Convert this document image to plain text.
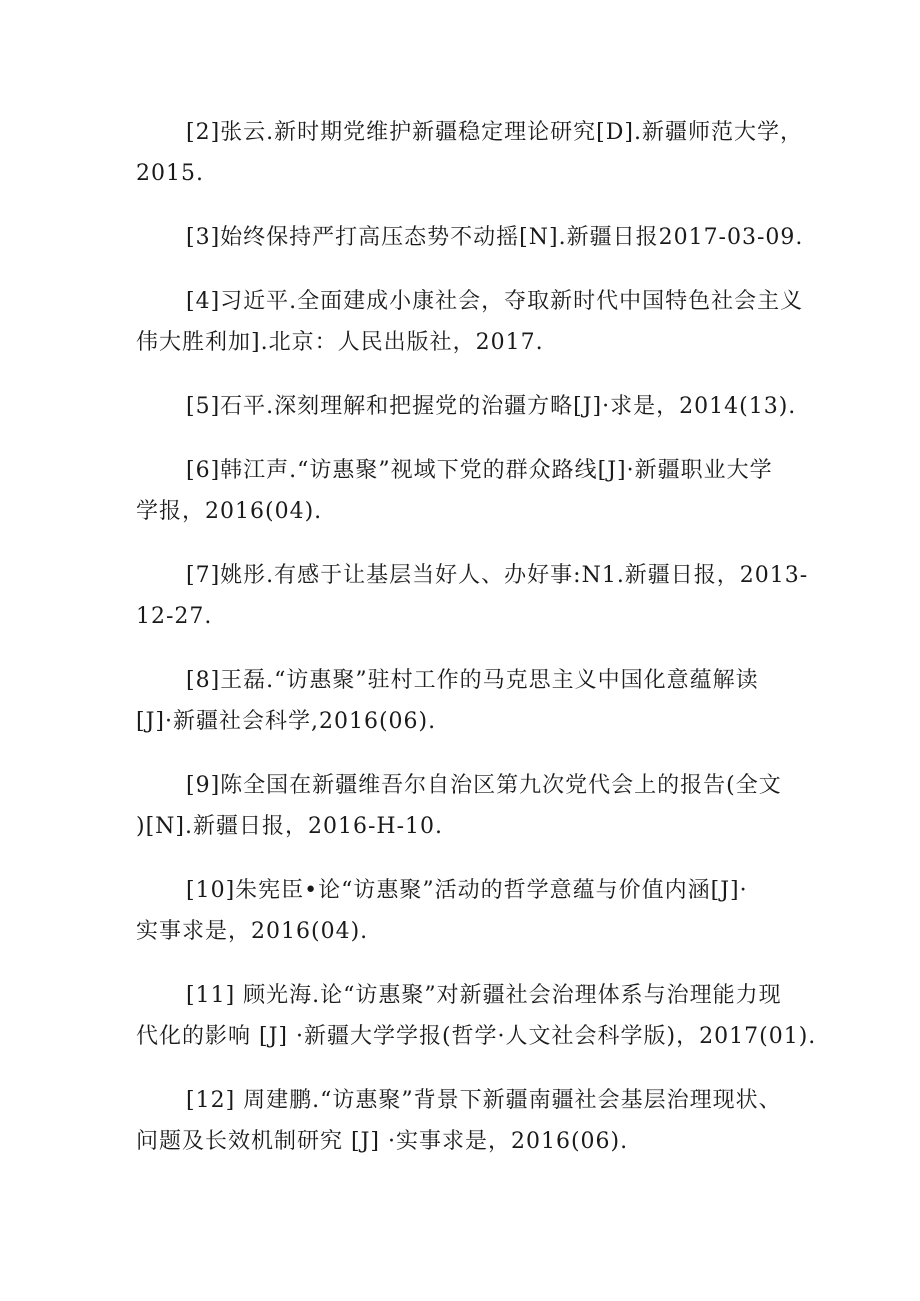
[2]张云.新时期党维护新疆稳定理论研究[D].新疆师范大学，
2015.
[3]始终保持严打高压态势不动摇[N].新疆日报2017-03-09.
[4]习近平.全面建成小康社会，夺取新时代中国特色社会主义
伟大胜利加].北京：人民出版社，2017.
[5]石平.深刻理解和把握党的治疆方略[J]·求是，2014(13).
[6]韩江声.“访惠聚”视域下党的群众路线[J]·新疆职业大学
学报，2016(04).
[7]姚彤.有感于让基层当好人、办好事:N1.新疆日报，2013-
12-27.
[8]王磊.“访惠聚”驻村工作的马克思主义中国化意蕴解读
[J]·新疆社会科学,2016(06).
[9]陈全国在新疆维吾尔自治区第九次党代会上的报告(全文
)[N].新疆日报，2016-H-10.
[10]朱宪臣•论“访惠聚”活动的哲学意蕴与价值内涵[J]·
实事求是，2016(04).
[11] 顾光海.论“访惠聚”对新疆社会治理体系与治理能力现
代化的影响 [J] ·新疆大学学报(哲学·人文社会科学版)，2017(01).
[12] 周建鹏.“访惠聚”背景下新疆南疆社会基层治理现状、
问题及长效机制研究 [J] ·实事求是，2016(06).
